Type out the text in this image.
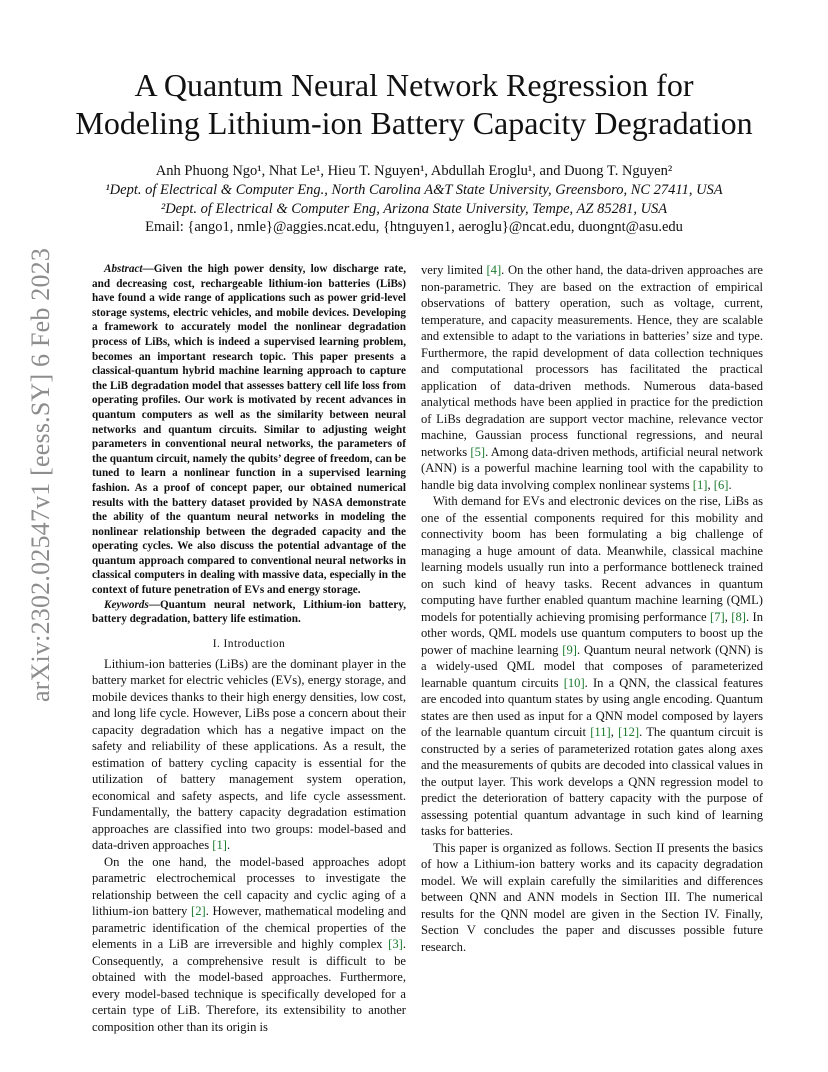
arXiv:2302.02547v1 [eess.SY] 6 Feb 2023
A Quantum Neural Network Regression for
Modeling Lithium-ion Battery Capacity Degradation
Anh Phuong Ngo¹, Nhat Le¹, Hieu T. Nguyen¹, Abdullah Eroglu¹, and Duong T. Nguyen²
¹Dept. of Electrical & Computer Eng., North Carolina A&T State University, Greensboro, NC 27411, USA
²Dept. of Electrical & Computer Eng, Arizona State University, Tempe, AZ 85281, USA
Email: {ango1, nmle}@aggies.ncat.edu, {htnguyen1, aeroglu}@ncat.edu, duongnt@asu.edu

Abstract—Given the high power density, low discharge rate, and decreasing cost, rechargeable lithium-ion batteries (LiBs) have found a wide range of applications such as power grid-level storage systems, electric vehicles, and mobile devices. Developing a framework to accurately model the nonlinear degradation process of LiBs, which is indeed a supervised learning problem, becomes an important research topic. This paper presents a classical-quantum hybrid machine learning approach to capture the LiB degradation model that assesses battery cell life loss from operating profiles. Our work is motivated by recent advances in quantum computers as well as the similarity between neural networks and quantum circuits. Similar to adjusting weight parameters in conventional neural networks, the parameters of the quantum circuit, namely the qubits’ degree of freedom, can be tuned to learn a nonlinear function in a supervised learning fashion. As a proof of concept paper, our obtained numerical results with the battery dataset provided by NASA demonstrate the ability of the quantum neural networks in modeling the nonlinear relationship between the degraded capacity and the operating cycles. We also discuss the potential advantage of the quantum approach compared to conventional neural networks in classical computers in dealing with massive data, especially in the context of future penetration of EVs and energy storage.

Keywords—Quantum neural network, Lithium-ion battery, battery degradation, battery life estimation.

I. Introduction

Lithium-ion batteries (LiBs) are the dominant player in the battery market for electric vehicles (EVs), energy storage, and mobile devices thanks to their high energy densities, low cost, and long life cycle. However, LiBs pose a concern about their capacity degradation which has a negative impact on the safety and reliability of these applications. As a result, the estimation of battery cycling capacity is essential for the utilization of battery management system operation, economical and safety aspects, and life cycle assessment. Fundamentally, the battery capacity degradation estimation approaches are classified into two groups: model-based and data-driven approaches [1].

On the one hand, the model-based approaches adopt parametric electrochemical processes to investigate the relationship between the cell capacity and cyclic aging of a lithium-ion battery [2]. However, mathematical modeling and parametric identification of the chemical properties of the elements in a LiB are irreversible and highly complex [3]. Consequently, a comprehensive result is difficult to be obtained with the model-based approaches. Furthermore, every model-based technique is specifically developed for a certain type of LiB. Therefore, its extensibility to another composition other than its origin is

very limited [4]. On the other hand, the data-driven approaches are non-parametric. They are based on the extraction of empirical observations of battery operation, such as voltage, current, temperature, and capacity measurements. Hence, they are scalable and extensible to adapt to the variations in batteries’ size and type. Furthermore, the rapid development of data collection techniques and computational processors has facilitated the practical application of data-driven methods. Numerous data-based analytical methods have been applied in practice for the prediction of LiBs degradation are support vector machine, relevance vector machine, Gaussian process functional regressions, and neural networks [5]. Among data-driven methods, artificial neural network (ANN) is a powerful machine learning tool with the capability to handle big data involving complex nonlinear systems [1], [6].

With demand for EVs and electronic devices on the rise, LiBs as one of the essential components required for this mobility and connectivity boom has been formulating a big challenge of managing a huge amount of data. Meanwhile, classical machine learning models usually run into a performance bottleneck trained on such kind of heavy tasks. Recent advances in quantum computing have further enabled quantum machine learning (QML) models for potentially achieving promising performance [7], [8]. In other words, QML models use quantum computers to boost up the power of machine learning [9]. Quantum neural network (QNN) is a widely-used QML model that composes of parameterized learnable quantum circuits [10]. In a QNN, the classical features are encoded into quantum states by using angle encoding. Quantum states are then used as input for a QNN model composed by layers of the learnable quantum circuit [11], [12]. The quantum circuit is constructed by a series of parameterized rotation gates along axes and the measurements of qubits are decoded into classical values in the output layer. This work develops a QNN regression model to predict the deterioration of battery capacity with the purpose of assessing potential quantum advantage in such kind of learning tasks for batteries.

This paper is organized as follows. Section II presents the basics of how a Lithium-ion battery works and its capacity degradation model. We will explain carefully the similarities and differences between QNN and ANN models in Section III. The numerical results for the QNN model are given in the Section IV. Finally, Section V concludes the paper and discusses possible future research.
